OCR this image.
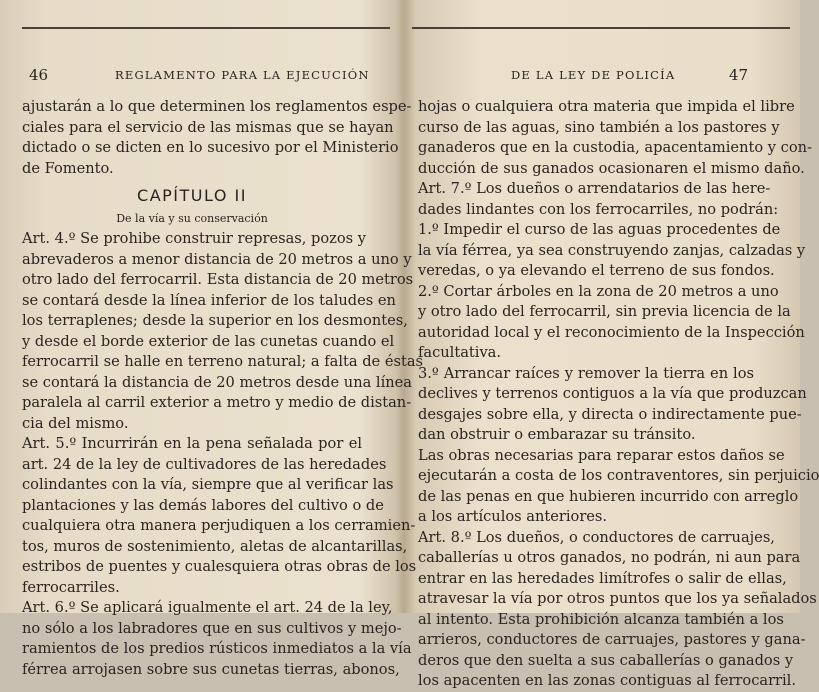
46	REGLAMENTO PARA LA EJECUCIÓN
ajustarán a lo que determinen los reglamentos espe-
ciales para el servicio de las mismas que se hayan
dictado o se dicten en lo sucesivo por el Ministerio
de Fomento.
CAPÍTULO II
De la vía y su conservación
Art. 4.º Se prohibe construir represas, pozos y
abrevaderos a menor distancia de 20 metros a uno y
otro lado del ferrocarril. Esta distancia de 20 metros
se contará desde la línea inferior de los taludes en
los terraplenes; desde la superior en los desmontes,
y desde el borde exterior de las cunetas cuando el
ferrocarril se halle en terreno natural; a falta de éstas
se contará la distancia de 20 metros desde una línea
paralela al carril exterior a metro y medio de distan-
cia del mismo.
Art. 5.º Incurrirán en la pena señalada por el
art. 24 de la ley de cultivadores de las heredades
colindantes con la vía, siempre que al verificar las
plantaciones y las demás labores del cultivo o de
cualquiera otra manera perjudiquen a los cerramien-
tos, muros de sostenimiento, aletas de alcantarillas,
estribos de puentes y cualesquiera otras obras de los
ferrocarriles.
Art. 6.º Se aplicará igualmente el art. 24 de la ley,
no sólo a los labradores que en sus cultivos y mejo-
ramientos de los predios rústicos inmediatos a la vía
férrea arrojasen sobre sus cunetas tierras, abonos,
DE LA LEY DE POLICÍA	47
hojas o cualquiera otra materia que impida el libre
curso de las aguas, sino también a los pastores y
ganaderos que en la custodia, apacentamiento y con-
ducción de sus ganados ocasionaren el mismo daño.
Art. 7.º Los dueños o arrendatarios de las here-
dades lindantes con los ferrocarriles, no podrán:
1.º Impedir el curso de las aguas procedentes de
la vía férrea, ya sea construyendo zanjas, calzadas y
veredas, o ya elevando el terreno de sus fondos.
2.º Cortar árboles en la zona de 20 metros a uno
y otro lado del ferrocarril, sin previa licencia de la
autoridad local y el reconocimiento de la Inspección
facultativa.
3.º Arrancar raíces y remover la tierra en los
declives y terrenos contiguos a la vía que produzcan
desgajes sobre ella, y directa o indirectamente pue-
dan obstruir o embarazar su tránsito.
Las obras necesarias para reparar estos daños se
ejecutarán a costa de los contraventores, sin perjuicio
de las penas en que hubieren incurrido con arreglo
a los artículos anteriores.
Art. 8.º Los dueños, o conductores de carruajes,
caballerías u otros ganados, no podrán, ni aun para
entrar en las heredades limítrofes o salir de ellas,
atravesar la vía por otros puntos que los ya señalados
al intento. Esta prohibición alcanza también a los
arrieros, conductores de carruajes, pastores y gana-
deros que den suelta a sus caballerías o ganados y
los apacenten en las zonas contiguas al ferrocarril.
